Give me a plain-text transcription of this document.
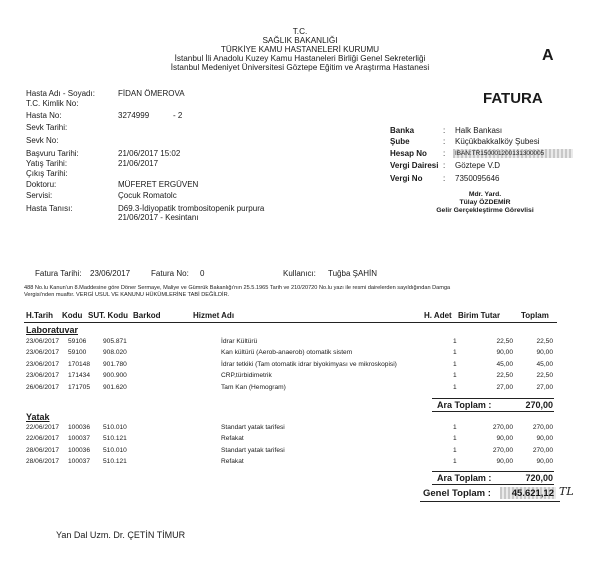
T.C.
SAĞLIK BAKANLIĞI
TÜRKİYE KAMU HASTANELERİ KURUMU
İstanbul İli Anadolu Kuzey Kamu Hastaneleri Birliği Genel Sekreterliği
İstanbul Medeniyet Üniversitesi Göztepe Eğitim ve Araştırma Hastanesi
A
FATURA
Hasta Adı - Soyadı:	FİDAN ÖMEROVA
T.C. Kimlik No:
Hasta No:	3274999	- 2
Sevk Tarihi:
Sevk No:
Başvuru Tarihi:	21/06/2017 15:02
Yatış Tarihi:	21/06/2017
Çıkış Tarihi:
Doktoru:	MÜFERET ERGÜVEN
Servisi:	Çocuk Romatolc
Hasta Tanısı:	D69.3-İdiyopatik trombositopenik purpura
21/06/2017 - Kesintanı
Banka	: Halk Bankası
Şube	: Küçükbakkalköy Şubesi
Hesap No : IBAN:TR150001200131300005
Vergi Dairesi : Göztepe V.D
Vergi No	: 7350095646
Mdr. Yard.
Tülay ÖZDEMİR
Gelir Gerçekleştirme Görevlisi
Fatura Tarihi: 23/06/2017	Fatura No: 0	Kullanıcı: Tuğba ŞAHİN
488 No.lu Kanun'un 8.Maddesine göre Döner Sermaye, Maliye ve Gümrük Bakanlığı'nın 25.5.1965 Tarih ve 210/20720 No.lu yazı ile resmi dairelerden sayıldığından Damga
Vergisi'nden muaftır. VERGİ USUL VE KANUNU HÜKÜMLERİNE TABİ DEĞİLDİR.
H.Tarih Kodu SUT. Kodu Barkod	Hizmet Adı	H. Adet Birim Tutar	Toplam
Laboratuvar
23/06/2017 59106	905.871	İdrar Kültürü	1	22,50	22,50
23/06/2017 59100	908.020	Kan kültürü (Aerob-anaerob) otomatik sistem	1	90,00	90,00
23/06/2017 170148 901.780	İdrar tetkiki (Tam otomatik idrar biyokimyası ve mikroskopisi)	1	45,00	45,00
23/06/2017 171434 900.900	CRP,türbidimetrik	1	22,50	22,50
26/06/2017 171705 901.620	Tam Kan (Hemogram)	1	27,00	27,00
Ara Toplam :	270,00
Yatak
22/06/2017 100036 510.010	Standart yatak tarifesi	1	270,00	270,00
22/06/2017 100037 510.121	Refakat	1	90,00	90,00
28/06/2017 100036 510.010	Standart yatak tarifesi	1	270,00	270,00
28/06/2017 100037 510.121	Refakat	1	90,00	90,00
Ara Toplam :	720,00
Genel Toplam :	45.621,12 TL
Yan Dal Uzm. Dr. ÇETİN TİMUR
